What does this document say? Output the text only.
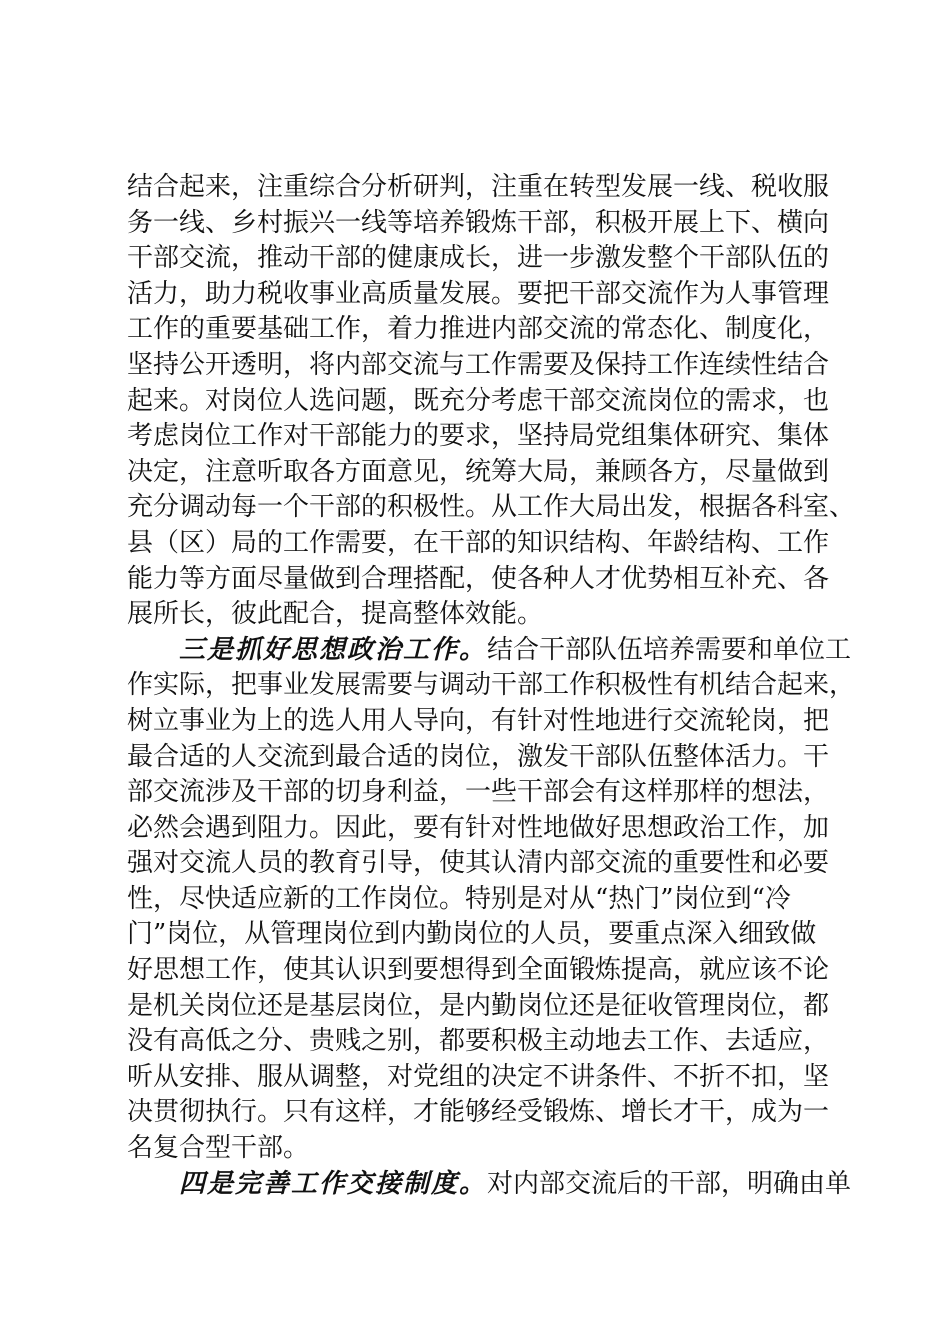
结合起来，注重综合分析研判，注重在转型发展一线、税收服
务一线、乡村振兴一线等培养锻炼干部，积极开展上下、横向
干部交流，推动干部的健康成长，进一步激发整个干部队伍的
活力，助力税收事业高质量发展。要把干部交流作为人事管理
工作的重要基础工作，着力推进内部交流的常态化、制度化，
坚持公开透明，将内部交流与工作需要及保持工作连续性结合
起来。对岗位人选问题，既充分考虑干部交流岗位的需求，也
考虑岗位工作对干部能力的要求，坚持局党组集体研究、集体
决定，注意听取各方面意见，统筹大局，兼顾各方，尽量做到
充分调动每一个干部的积极性。从工作大局出发，根据各科室、
县（区）局的工作需要，在干部的知识结构、年龄结构、工作
能力等方面尽量做到合理搭配，使各种人才优势相互补充、各
展所长，彼此配合，提高整体效能。
三是抓好思想政治工作。结合干部队伍培养需要和单位工
作实际，把事业发展需要与调动干部工作积极性有机结合起来，
树立事业为上的选人用人导向，有针对性地进行交流轮岗，把
最合适的人交流到最合适的岗位，激发干部队伍整体活力。干
部交流涉及干部的切身利益，一些干部会有这样那样的想法，
必然会遇到阻力。因此，要有针对性地做好思想政治工作，加
强对交流人员的教育引导，使其认清内部交流的重要性和必要
性，尽快适应新的工作岗位。特别是对从“热门”岗位到“冷
门”岗位，从管理岗位到内勤岗位的人员，要重点深入细致做
好思想工作，使其认识到要想得到全面锻炼提高，就应该不论
是机关岗位还是基层岗位，是内勤岗位还是征收管理岗位，都
没有高低之分、贵贱之别，都要积极主动地去工作、去适应，
听从安排、服从调整，对党组的决定不讲条件、不折不扣，坚
决贯彻执行。只有这样，才能够经受锻炼、增长才干，成为一
名复合型干部。
四是完善工作交接制度。对内部交流后的干部，明确由单
